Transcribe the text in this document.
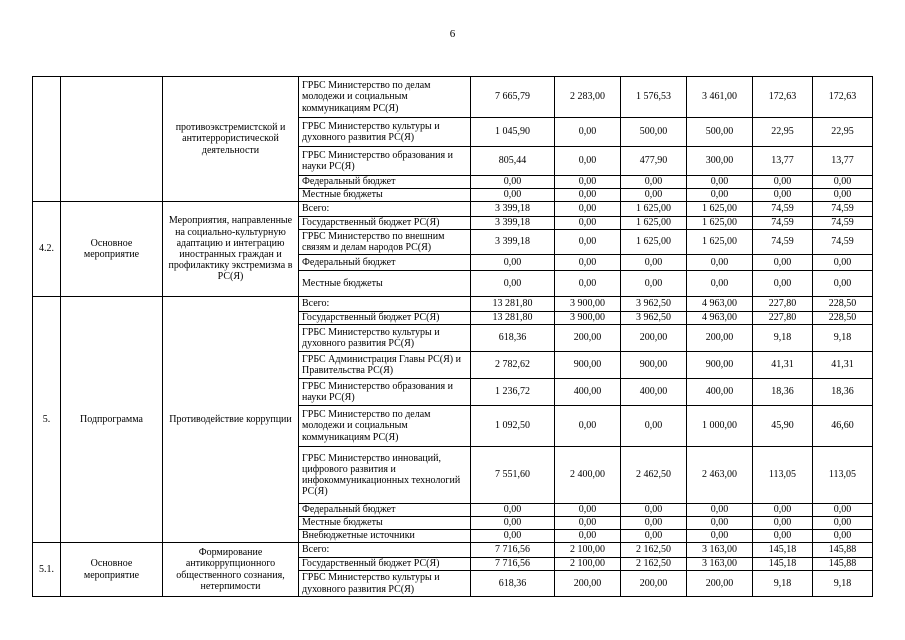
6
		противоэкстремистской и антитеррористической деятельности	ГРБС Министерство по делам молодежи и социальным коммуникациям РС(Я)	7 665,79	2 283,00	1 576,53	3 461,00	172,63	172,63
			ГРБС Министерство культуры и духовного развития РС(Я)	1 045,90	0,00	500,00	500,00	22,95	22,95
			ГРБС Министерство образования и науки РС(Я)	805,44	0,00	477,90	300,00	13,77	13,77
			Федеральный бюджет	0,00	0,00	0,00	0,00	0,00	0,00
			Местные бюджеты	0,00	0,00	0,00	0,00	0,00	0,00
4.2.	Основное мероприятие	Мероприятия, направленные на социально-культурную адаптацию и интеграцию иностранных граждан и профилактику экстремизма в РС(Я)	Всего:	3 399,18	0,00	1 625,00	1 625,00	74,59	74,59
			Государственный бюджет РС(Я)	3 399,18	0,00	1 625,00	1 625,00	74,59	74,59
			ГРБС Министерство по внешним связям и делам народов РС(Я)	3 399,18	0,00	1 625,00	1 625,00	74,59	74,59
			Федеральный бюджет	0,00	0,00	0,00	0,00	0,00	0,00
			Местные бюджеты	0,00	0,00	0,00	0,00	0,00	0,00
5.	Подпрограмма	Противодействие коррупции	Всего:	13 281,80	3 900,00	3 962,50	4 963,00	227,80	228,50
			Государственный бюджет РС(Я)	13 281,80	3 900,00	3 962,50	4 963,00	227,80	228,50
			ГРБС Министерство культуры и духовного развития РС(Я)	618,36	200,00	200,00	200,00	9,18	9,18
			ГРБС Администрация Главы РС(Я) и Правительства РС(Я)	2 782,62	900,00	900,00	900,00	41,31	41,31
			ГРБС Министерство образования и науки РС(Я)	1 236,72	400,00	400,00	400,00	18,36	18,36
			ГРБС Министерство по делам молодежи и социальным коммуникациям РС(Я)	1 092,50	0,00	0,00	1 000,00	45,90	46,60
			ГРБС Министерство инноваций, цифрового развития и инфокоммуникационных технологий РС(Я)	7 551,60	2 400,00	2 462,50	2 463,00	113,05	113,05
			Федеральный бюджет	0,00	0,00	0,00	0,00	0,00	0,00
			Местные бюджеты	0,00	0,00	0,00	0,00	0,00	0,00
			Внебюджетные источники	0,00	0,00	0,00	0,00	0,00	0,00
5.1.	Основное мероприятие	Формирование антикоррупционного общественного сознания, нетерпимости	Всего:	7 716,56	2 100,00	2 162,50	3 163,00	145,18	145,88
			Государственный бюджет РС(Я)	7 716,56	2 100,00	2 162,50	3 163,00	145,18	145,88
			ГРБС Министерство культуры и духовного развития РС(Я)	618,36	200,00	200,00	200,00	9,18	9,18
